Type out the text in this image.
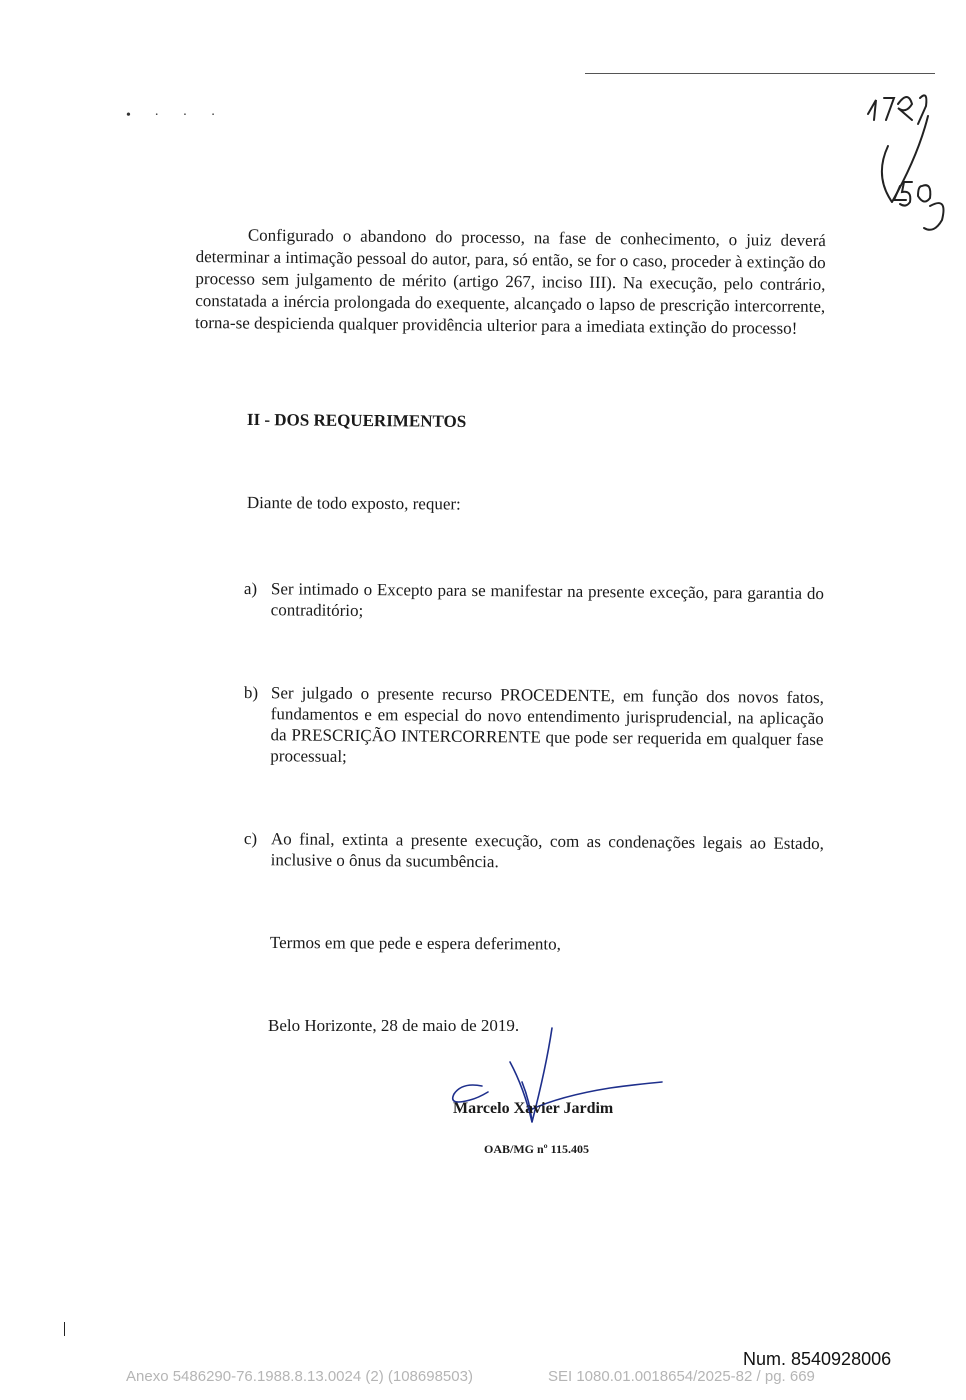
• · · ·
Configurado o abandono do processo, na fase de conhecimento, o juiz deverá determinar a intimação pessoal do autor, para, só então, se for o caso, proceder à extinção do processo sem julgamento de mérito (artigo 267, inciso III). Na execução, pelo contrário, constatada a inércia prolongada do exequente, alcançado o lapso de prescrição intercorrente, torna-se despicienda qualquer providência ulterior para a imediata extinção do processo!
II - DOS REQUERIMENTOS
Diante de todo exposto, requer:
a) Ser intimado o Excepto para se manifestar na presente exceção, para garantia do contraditório;
b) Ser julgado o presente recurso PROCEDENTE, em função dos novos fatos, fundamentos e em especial do novo entendimento jurisprudencial, na aplicação da PRESCRIÇÃO INTERCORRENTE que pode ser requerida em qualquer fase processual;
c) Ao final, extinta a presente execução, com as condenações legais ao Estado, inclusive o ônus da sucumbência.
Termos em que pede e espera deferimento,
Belo Horizonte, 28 de maio de 2019.
Marcelo Xavier Jardim
OAB/MG nº 115.405
Num. 8540928006
Anexo 5486290-76.1988.8.13.0024 (2) (108698503)	SEI 1080.01.0018654/2025-82 / pg. 669
